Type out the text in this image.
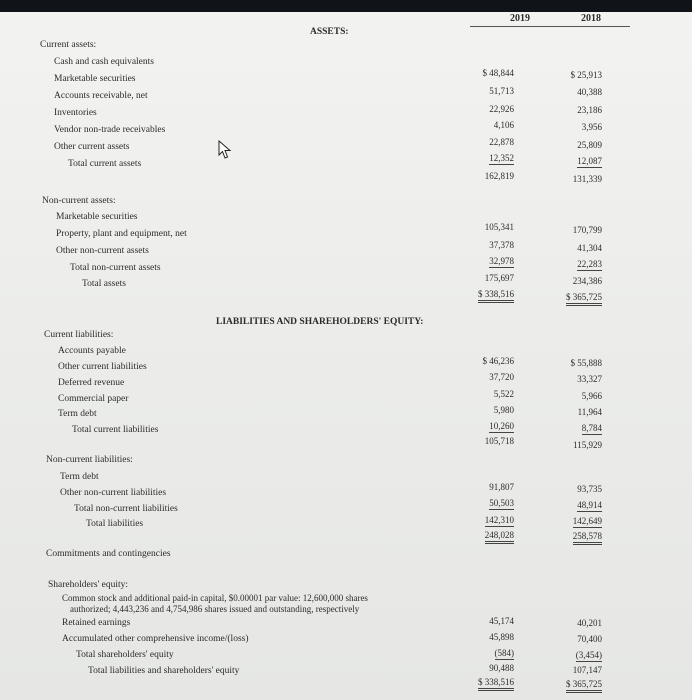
2019	2018
ASSETS:
Current assets:
Cash and cash equivalents
Marketable securities
Accounts receivable, net
Inventories
Vendor non-trade receivables
Other current assets
Total current assets
$ 48,844
51,713
22,926
4,106
22,878
12,352
162,819
$ 25,913
40,388
23,186
3,956
25,809
12,087
131,339
Non-current assets:
Marketable securities
Property, plant and equipment, net
Other non-current assets
Total non-current assets
Total assets
105,341
37,378
32,978
175,697
$ 338,516
170,799
41,304
22,283
234,386
$ 365,725
LIABILITIES AND SHAREHOLDERS' EQUITY:
Current liabilities:
Accounts payable
Other current liabilities
Deferred revenue
Commercial paper
Term debt
Total current liabilities
$ 46,236
37,720
5,522
5,980
10,260
105,718
$ 55,888
33,327
5,966
11,964
8,784
115,929
Non-current liabilities:
Term debt
Other non-current liabilities
Total non-current liabilities
Total liabilities
91,807
50,503
142,310
248,028
93,735
48,914
142,649
258,578
Commitments and contingencies
Shareholders' equity:
Common stock and additional paid-in capital, $0.00001 par value: 12,600,000 shares
authorized; 4,443,236 and 4,754,986 shares issued and outstanding, respectively
Retained earnings
Accumulated other comprehensive income/(loss)
Total shareholders' equity
Total liabilities and shareholders' equity
45,174
45,898
(584)
90,488
$ 338,516
40,201
70,400
(3,454)
107,147
$ 365,725
